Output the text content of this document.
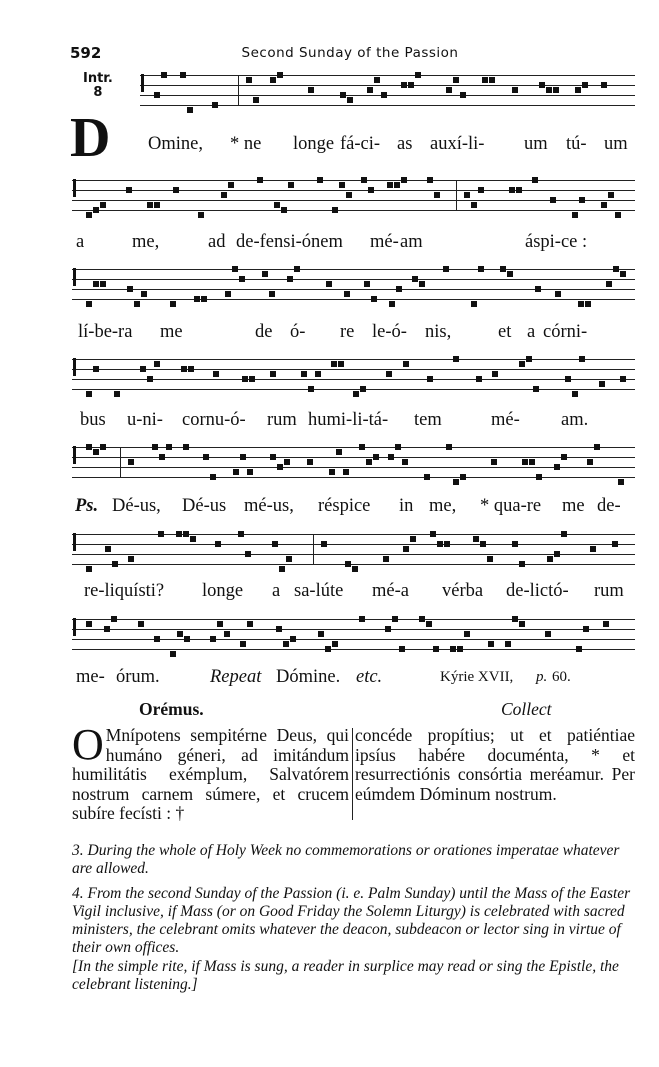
592	Second Sunday of the Passion
Intr.
8
D Omine, * ne longe fá-ci- as auxí-li- um tú- um
a	me,	ad de-fensi-ónem mé- am	áspi-ce :
lí-be-ra me	de ó- re le-ó- nis,	et a córni-
bus u-ni- cornu-ó- rum humi-li-tá- tem	mé- am.
Ps. Dé-us, Dé-us mé-us, réspice in me, * qua-re me de-
re-liquísti? longe a sa-lúte mé-a vérba de-lictó- rum
me- órum.	Repeat Dómine. etc.	Kýrie XVII, p. 60.
Orémus.	Collect
O Mnípotens sempitérne Deus, qui humáno géneri, ad imitándum humilitátis exémplum, Salvatórem nostrum carnem súmere, et crucem subíre fecísti : †
concéde propítius; ut et patiéntiae ipsíus habére documénta, * et resurrectiónis consórtia meréamur. Per eúmdem Dóminum nostrum.
3. During the whole of Holy Week no commemorations or orationes imperatae whatever are allowed.
4. From the second Sunday of the Passion (i. e. Palm Sunday) until the Mass of the Easter Vigil inclusive, if Mass (or on Good Friday the Solemn Liturgy) is celebrated with sacred ministers, the celebrant omits whatever the deacon, subdeacon or lector sing in virtue of their own offices.
[In the simple rite, if Mass is sung, a reader in surplice may read or sing the Epistle, the celebrant listening.]
